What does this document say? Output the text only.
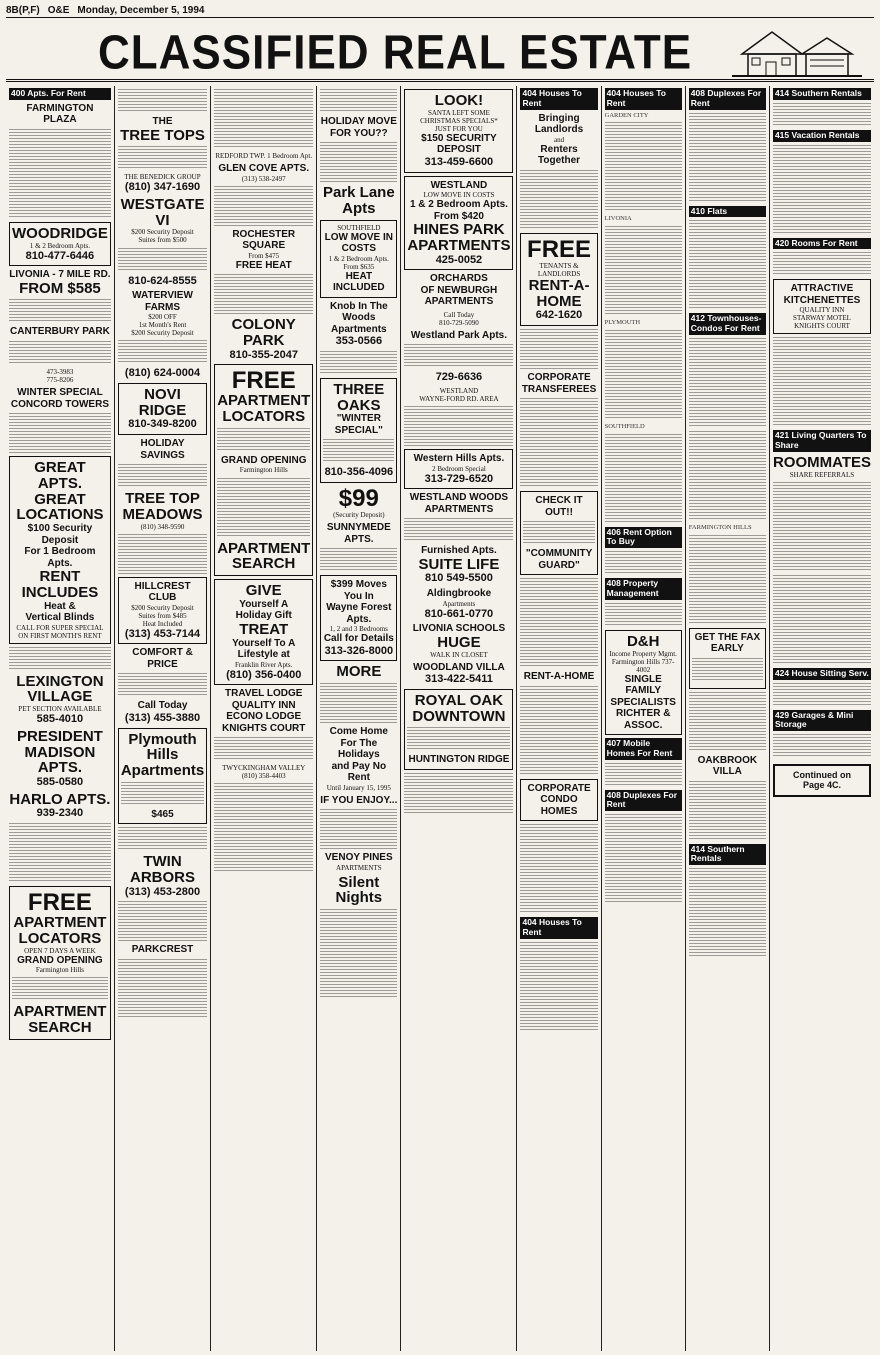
8B(P,F) O&E Monday, December 5, 1994
CLASSIFIED REAL ESTATE
400 Apts. For Rent
FARMINGTON PLAZA
WOODRIDGE
1 & 2 Bedroom Apts.
810-477-6446
LIVONIA - 7 MILE RD.
FROM $585
CANTERBURY PARK
473-3983
775-8206
WINTER SPECIAL
CONCORD TOWERS
GREAT APTS.
GREAT LOCATIONS
$100 Security Deposit
For 1 Bedroom Apts.
RENT INCLUDES
Heat &
Vertical Blinds
CALL FOR SUPER SPECIAL ON FIRST MONTH'S RENT
LEXINGTON VILLAGE
PET SECTION AVAILABLE
585-4010
PRESIDENT MADISON APTS.
585-0580
HARLO APTS.
939-2340
FREE
APARTMENT
LOCATORS
OPEN 7 DAYS A WEEK
GRAND OPENING
Farmington Hills
APARTMENT
SEARCH
THE
TREE TOPS
THE BENEDICK GROUP
(810) 347-1690
WESTGATE VI
$200 Security Deposit
Suites from $500
810-624-8555
WATERVIEW FARMS
$200 OFF
1st Month's Rent
$200 Security Deposit
(810) 624-0004
NOVI RIDGE
810-349-8200
HOLIDAY SAVINGS
TREE TOP
MEADOWS
(810) 348-9590
HILLCREST CLUB
$200 Security Deposit
Suites from $485
Heat Included
(313) 453-7144
COMFORT & PRICE
Call Today
(313) 455-3880
Plymouth
Hills
Apartments
$465
TWIN ARBORS
(313) 453-2800
PARKCREST
REDFORD TWP. 1 Bedroom Apt.
GLEN COVE APTS.
(313) 538-2497
ROCHESTER SQUARE
From $475
FREE HEAT
COLONY PARK
810-355-2047
FREE
APARTMENT
LOCATORS
GRAND OPENING
Farmington Hills
APARTMENT
SEARCH
GIVE
Yourself A
Holiday Gift
TREAT
Yourself To A
Lifestyle at
Franklin River Apts.
(810) 356-0400
TRAVEL LODGE
QUALITY INN
ECONO LODGE
KNIGHTS COURT
TWYCKINGHAM VALLEY
(810) 358-4403
HOLIDAY MOVE
FOR YOU??
Park Lane
Apts
SOUTHFIELD
LOW MOVE IN COSTS
1 & 2 Bedroom Apts.
From $635
HEAT INCLUDED
Knob In The Woods
Apartments
353-0566
THREE OAKS
"WINTER SPECIAL"
810-356-4096
$99
(Security Deposit)
SUNNYMEDE
APTS.
$399 Moves You In
Wayne Forest Apts.
1, 2 and 3 Bedrooms
Call for Details
313-326-8000
MORE
Come Home
For The Holidays
and Pay No Rent
Until January 15, 1995
IF YOU ENJOY...
VENOY PINES
APARTMENTS
Silent Nights
LOOK!
SANTA LEFT SOME
CHRISTMAS SPECIALS*
JUST FOR YOU
$150 SECURITY DEPOSIT
313-459-6600
WESTLAND
LOW MOVE IN COSTS
1 & 2 Bedroom Apts.
From $420
HINES PARK
APARTMENTS
425-0052
ORCHARDS
OF NEWBURGH
APARTMENTS
Call Today
810-729-5090
Westland Park Apts.
729-6636
WESTLAND
WAYNE-FORD RD. AREA
Western Hills Apts.
2 Bedroom Special
313-729-6520
WESTLAND WOODS
APARTMENTS
Furnished Apts.
SUITE LIFE
810 549-5500
Aldingbrooke
Apartments
810-661-0770
LIVONIA SCHOOLS
HUGE
WALK IN CLOSET
WOODLAND VILLA
313-422-5411
ROYAL OAK
DOWNTOWN
HUNTINGTON RIDGE
404 Houses To Rent
Bringing Landlords
and
Renters Together
FREE
TENANTS & LANDLORDS
RENT-A-HOME
642-1620
CORPORATE
TRANSFEREES
CHECK IT OUT!!
"COMMUNITY GUARD"
RENT-A-HOME
CORPORATE
CONDO HOMES
404 Houses To Rent
404 Houses To Rent
GARDEN CITY
LIVONIA
PLYMOUTH
SOUTHFIELD
406 Rent Option To Buy
408 Property Management
D&H
Income Property Mgmt.
Farmington Hills 737-4002
SINGLE FAMILY
SPECIALISTS
RICHTER & ASSOC.
407 Mobile Homes For Rent
408 Duplexes For Rent
408 Duplexes For Rent
410 Flats
412 Townhouses- Condos For Rent
FARMINGTON HILLS
GET THE FAX
EARLY
OAKBROOK VILLA
414 Southern Rentals
414 Southern Rentals
415 Vacation Rentals
420 Rooms For Rent
ATTRACTIVE
KITCHENETTES
QUALITY INN
STARWAY MOTEL
KNIGHTS COURT
421 Living Quarters To Share
ROOMMATES
SHARE REFERRALS
424 House Sitting Serv.
429 Garages & Mini Storage
Continued on
Page 4C.
